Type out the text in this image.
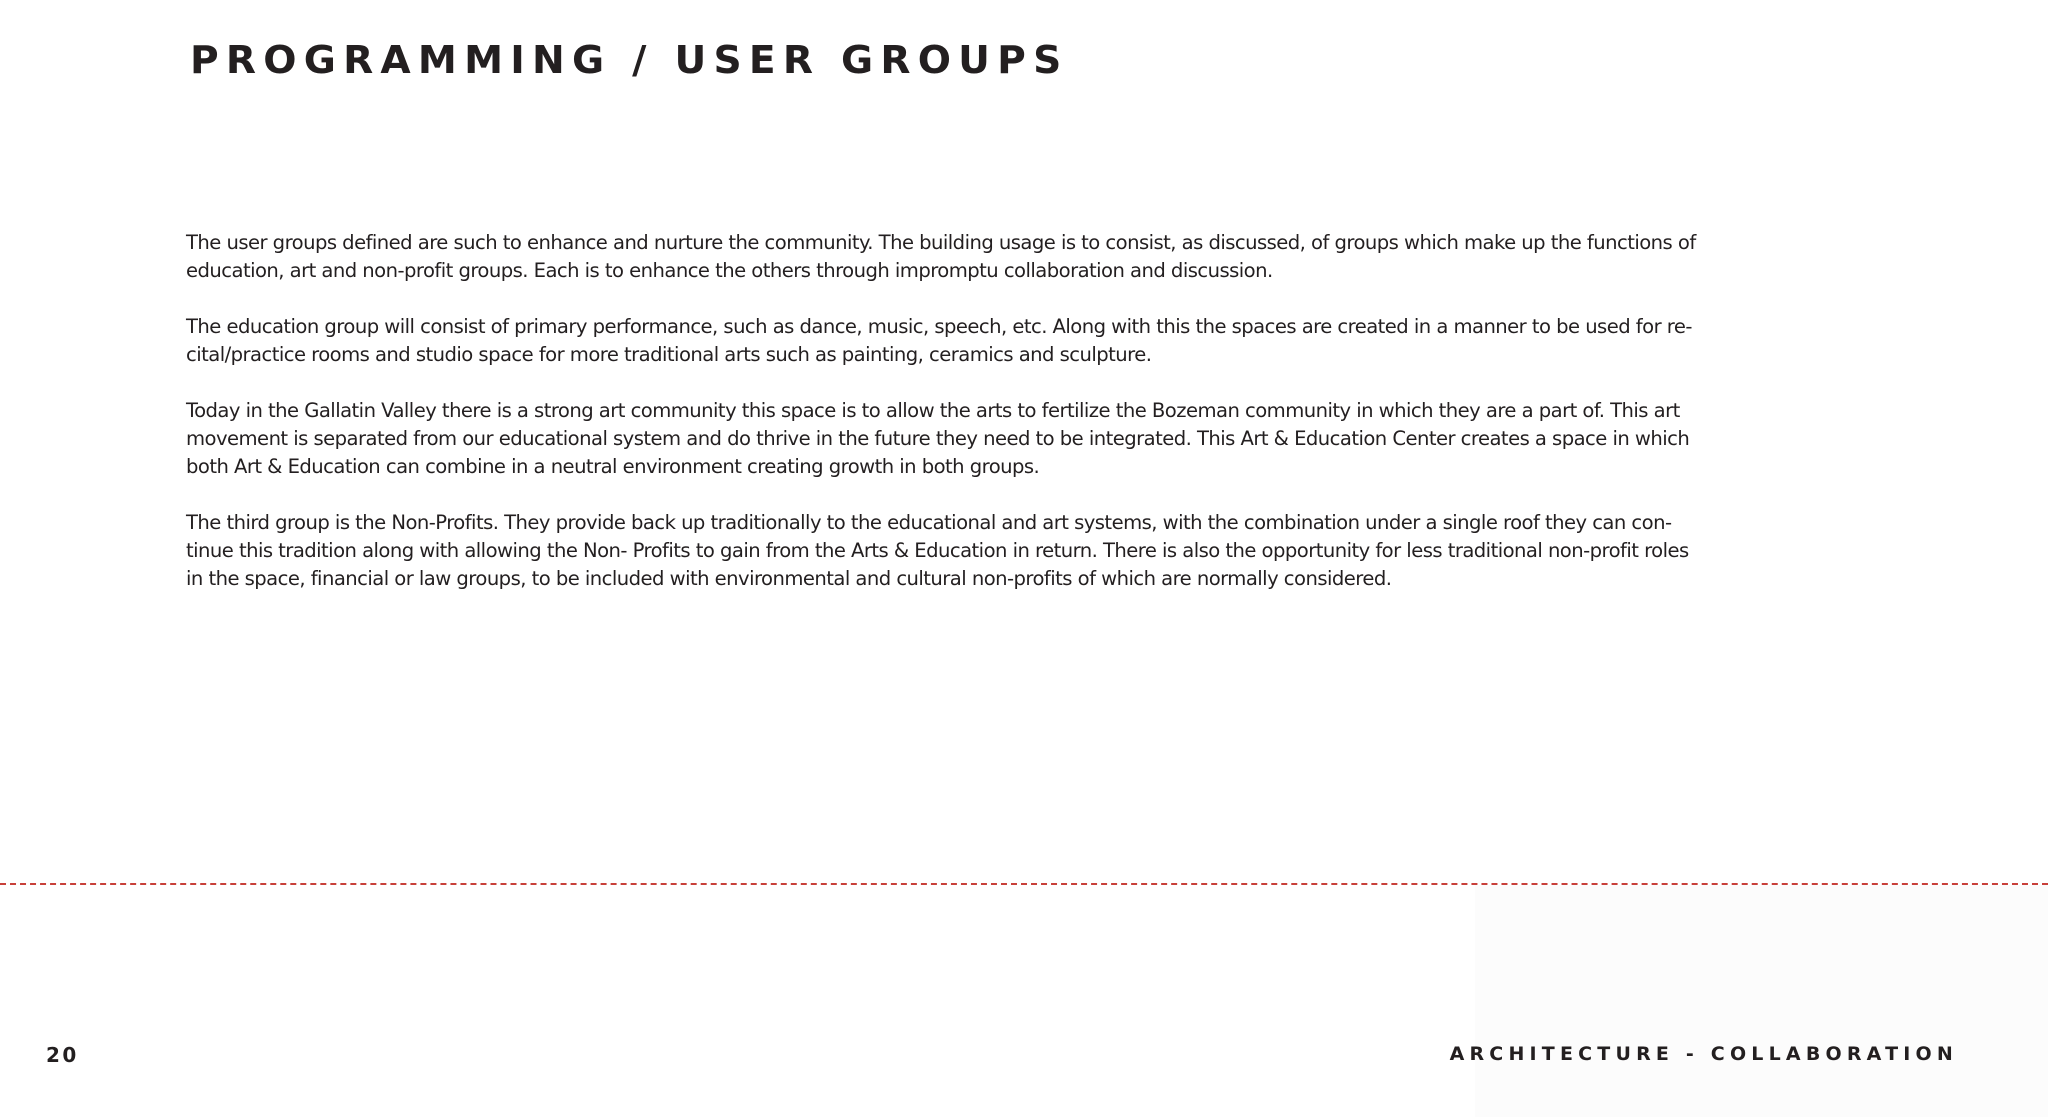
PROGRAMMING / USER GROUPS

The user groups defined are such to enhance and nurture the community. The building usage is to consist, as discussed, of groups which make up the functions of
education, art and non-profit groups. Each is to enhance the others through impromptu collaboration and discussion.

The education group will consist of primary performance, such as dance, music, speech, etc. Along with this the spaces are created in a manner to be used for re-
cital/practice rooms and studio space for more traditional arts such as painting, ceramics and sculpture.

Today in the Gallatin Valley there is a strong art community this space is to allow the arts to fertilize the Bozeman community in which they are a part of. This art
movement is separated from our educational system and do thrive in the future they need to be integrated. This Art & Education Center creates a space in which
both Art & Education can combine in a neutral environment creating growth in both groups.

The third group is the Non-Profits. They provide back up traditionally to the educational and art systems, with the combination under a single roof they can con-
tinue this tradition along with allowing the Non- Profits to gain from the Arts & Education in return. There is also the opportunity for less traditional non-profit roles
in the space, financial or law groups, to be included with environmental and cultural non-profits of which are normally considered.

20	ARCHITECTURE - COLLABORATION
